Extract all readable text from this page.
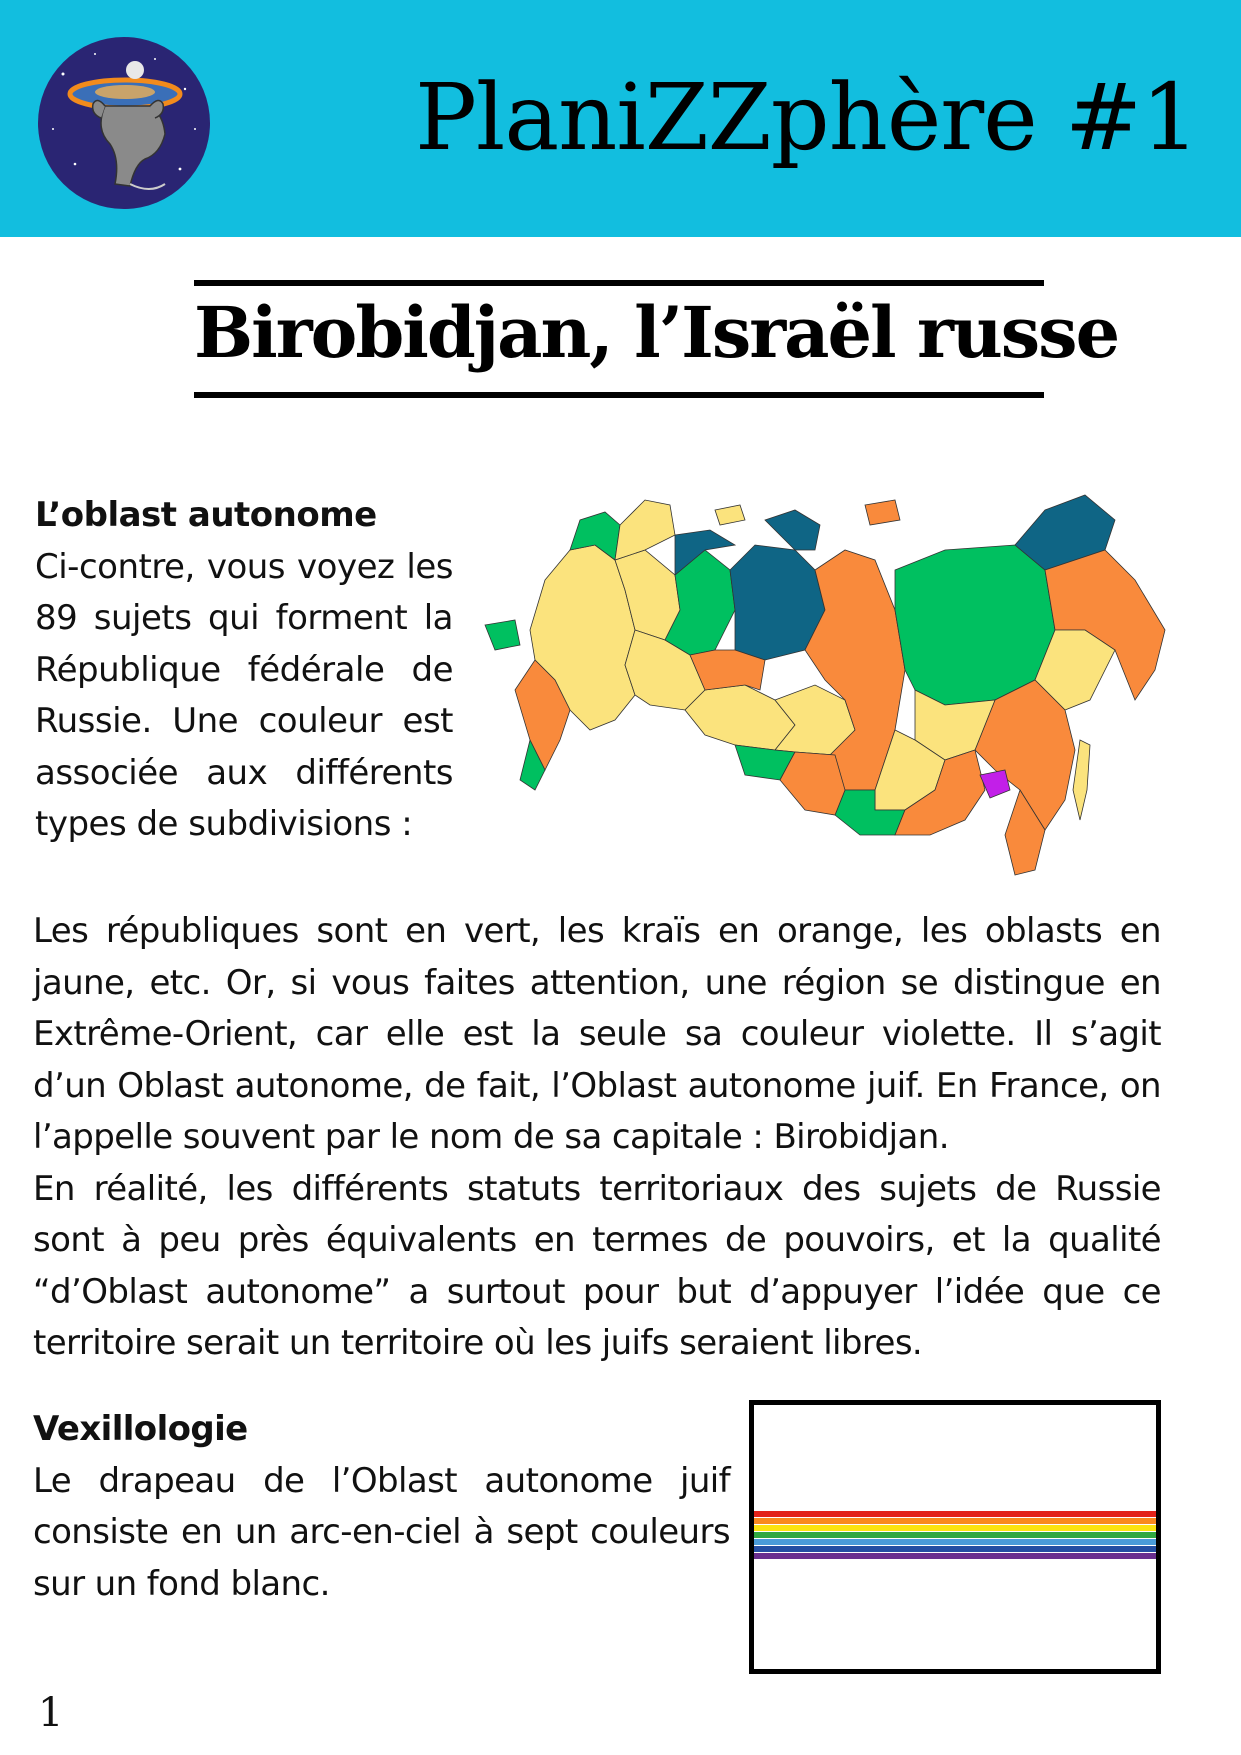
PlaniZZphère #1
Birobidjan, l’Israël russe

L’oblast autonome
Ci-contre, vous voyez les 89 sujets qui forment la République fédérale de Russie. Une couleur est associée aux différents types de subdivisions :

Les républiques sont en vert, les kraïs en orange, les oblasts en jaune, etc. Or, si vous faites attention, une région se distingue en Extrême-Orient, car elle est la seule sa couleur violette. Il s’agit d’un Oblast autonome, de fait, l’Oblast autonome juif. En France, on l’appelle souvent par le nom de sa capitale : Birobidjan.
En réalité, les différents statuts territoriaux des sujets de Russie sont à peu près équivalents en termes de pouvoirs, et la qualité “d’Oblast autonome” a surtout pour but d’appuyer l’idée que ce territoire serait un territoire où les juifs seraient libres.

Vexillologie
Le drapeau de l’Oblast autonome juif consiste en un arc-en-ciel à sept couleurs sur un fond blanc.

1
